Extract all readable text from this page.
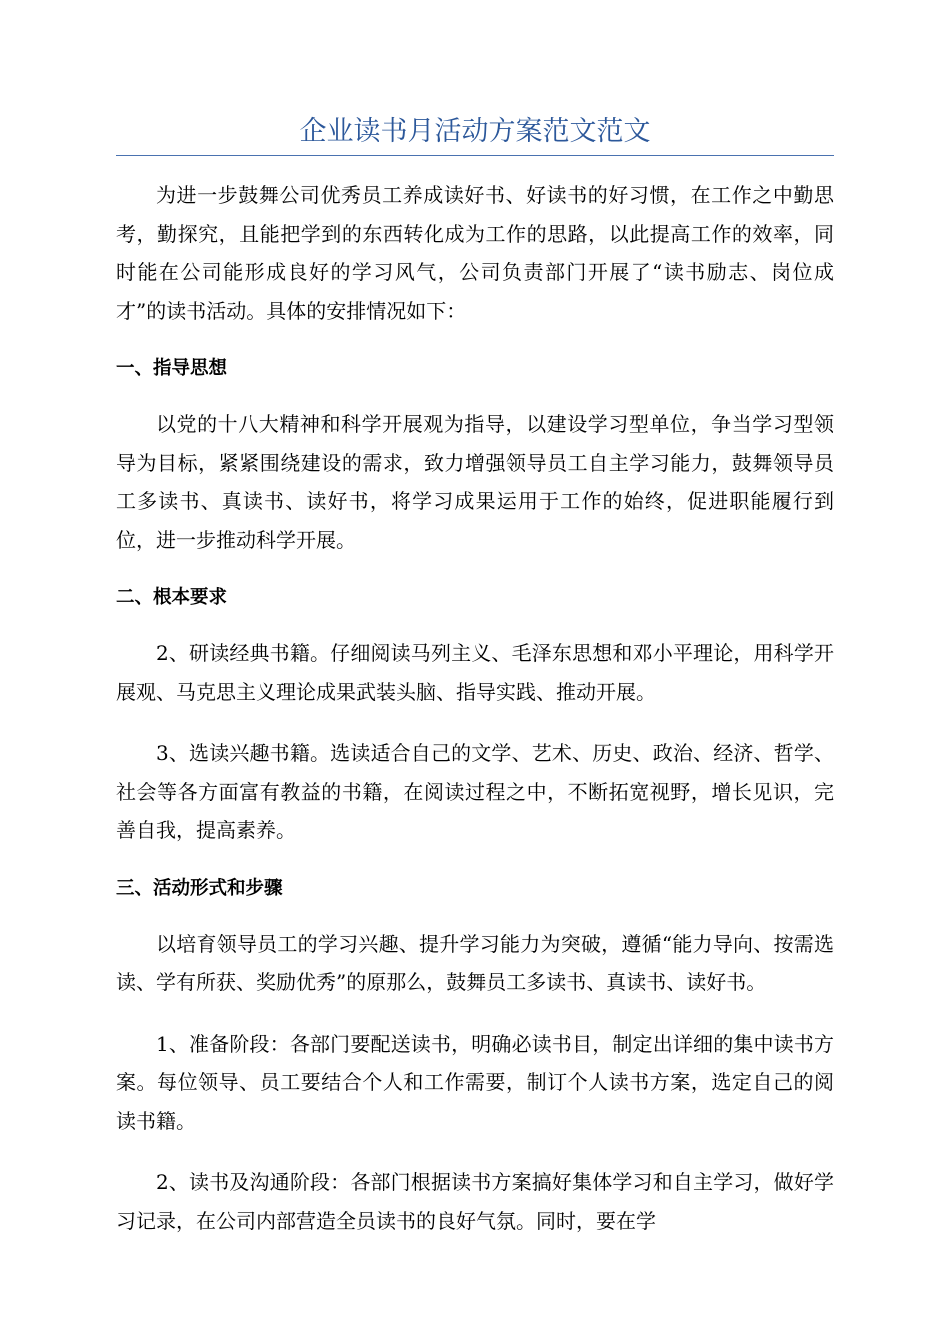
企业读书月活动方案范文范文

为进一步鼓舞公司优秀员工养成读好书、好读书的好习惯，在工作之中勤思考，勤探究，且能把学到的东西转化成为工作的思路，以此提高工作的效率，同时能在公司能形成良好的学习风气，公司负责部门开展了“读书励志、岗位成才”的读书活动。具体的安排情况如下：

一、指导思想

以党的十八大精神和科学开展观为指导，以建设学习型单位，争当学习型领导为目标，紧紧围绕建设的需求，致力增强领导员工自主学习能力，鼓舞领导员工多读书、真读书、读好书，将学习成果运用于工作的始终，促进职能履行到位，进一步推动科学开展。

二、根本要求

2、研读经典书籍。仔细阅读马列主义、毛泽东思想和邓小平理论，用科学开展观、马克思主义理论成果武装头脑、指导实践、推动开展。

3、选读兴趣书籍。选读适合自己的文学、艺术、历史、政治、经济、哲学、社会等各方面富有教益的书籍，在阅读过程之中，不断拓宽视野，增长见识，完善自我，提高素养。

三、活动形式和步骤

以培育领导员工的学习兴趣、提升学习能力为突破，遵循“能力导向、按需选读、学有所获、奖励优秀”的原那么，鼓舞员工多读书、真读书、读好书。

1、准备阶段：各部门要配送读书，明确必读书目，制定出详细的集中读书方案。每位领导、员工要结合个人和工作需要，制订个人读书方案，选定自己的阅读书籍。

2、读书及沟通阶段：各部门根据读书方案搞好集体学习和自主学习，做好学习记录，在公司内部营造全员读书的良好气氛。同时，要在学
